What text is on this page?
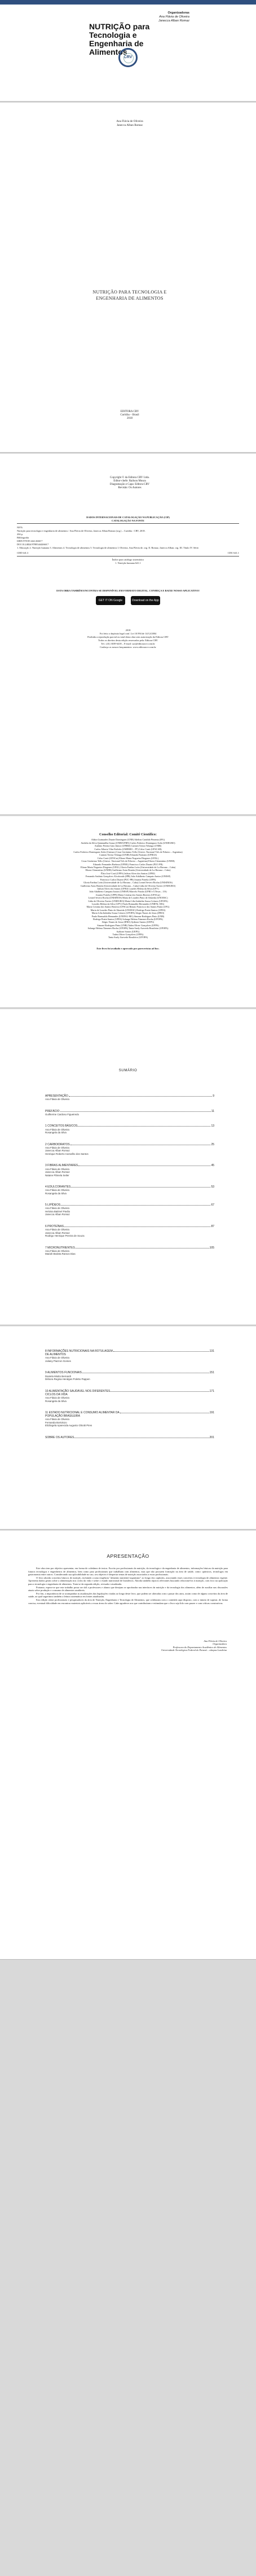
Organizadoras
Ana Flávia de Oliveira
Janecca Alban Romaz
NUTRIÇÃO para Tecnologia e Engenharia de Alimentos
CRV
Ana Flávia de Oliveira
Janecca Alban Romaz
NUTRIÇÃO PARA TECNOLOGIA E
ENGENHARIA DE ALIMENTOS
EDITORA CRV
Curitiba – Brasil
2018
Copyright © da Editora CRV Ltda.
Editor-chefe: Railson Moura
Diagramação e Capa: Editora CRV
Revisão: Os Autores
DADOS INTERNACIONAIS DE CATALOGAÇÃO NA PUBLICAÇÃO (CIP)
CATALOGAÇÃO NA FONTE
N976
Nutrição para tecnologia e engenharia de alimentos / Ana Flávia de Oliveira, Janecca Alban Romaz (org.) – Curitiba : CRV, 2018.
204 p.
Bibliografia
ISBN 978-85-444-2660-7
DOI 10.24824/978854442660.7
1. Educação 2. Nutrição humana 3. Alimentos 4. Tecnologia de alimentos 5. Tecnologia de alimentos I. Oliveira, Ana Flávia de. org. II. Romaz, Janecca Alban. org. III. Título IV. Série.
CDD 641.3	CDU 641.1
Índice para catálogo sistemático
1. Nutrição humana 641.1
ESTA OBRA TAMBÉM ENCONTRA-SE DISPONÍVEL EM FORMATO DIGITAL. CONHEÇA E BAIXE NOSSO APLICATIVO!
GET IT ON Google Play
Download on the App Store
2018
Foi feito o depósito legal conf. Lei 10.994 de 14/12/2004
Proibida a reprodução parcial ou total desta obra sem autorização da Editora CRV
Todos os direitos desta edição reservados pela: Editora CRV
Tel.: (41) 3039-6418 – E-mail: sac@editoracrv.com.br
Conheça os nossos lançamentos: www.editoracrv.com.br
Conselho Editorial: Comitê Científico:
Aldira Guimarães Duarte Domínguez (UNB) Adelino Candido Pimenta (IFG)
Andréia da Silva Quintanilha Sousa (UNIR/UFRN) Carlos Federico Dominguez Avila (UNIEURO)
Antônio Pereira Gaio Júnior (UFRRJ) Carmen Tereza Velanga (UNIR)
Carlos Alberto Vilar Estêvão (UMINHO – PT) Celso Conti (UFSCAR)
Carlos Federico Dominguez Avila (Unieuro) Cesar Gerónimo Tello (Univer .Nacional Três de Febrero – Argentina)
Carmen Tereza Velanga (UNIR) Eduardo Pazinato (UFRGS)
Celso Conti (UFSCar) Elione Maria Nogueira Diogenes (UFAL)
Cesar Gerónimo Tello (Univer .Nacional Três de Febrero – Argentina) Elizeu Clementino (UNEB)
Eduardo Fernandes Barbosa (UFMG) Francisco Carlos Duarte (PUC-PR)
Elione Maria Nogueira Diogenes (UFAL) Gloria Fariñas León (Universidade de La Havana – Cuba)
Elizeu Clementino (UNEB) Guillermo Arias Beatón (Universidade de La Havana – Cuba)
Élsio José Corá (UFFS) Jailson Alves dos Santos (UFRJ)
Fernando Antônio Gonçalves Alcoforado (IPB) João Adalberto Campato Junior (UNESP)
Francisco Carlos Duarte (PUC-PR) Josania Portela (UFPI)
Gloria Fariñas León (Universidade de La Havana – Cuba) Leonel Severo Rocha (UNISINOS)
Guillermo Arias Beatón (Universidade de La Havana – Cuba) Lídia de Oliveira Xavier (UNIEURO)
Jailson Alves dos Santos (UFRJ) Lourdes Helena da Silva (UFV)
João Adalberto Campato Junior (UNESP) Marcelo Paixão (UFRJ e UTexas – US)
Josania Portela (UFPI) Maria Cristina dos Santos Bezerra (UFSCar)
Leonel Severo Rocha (UNISINOS) Maria de Lourdes Pinto de Almeida (UNOESC)
Lídia de Oliveira Xavier (UNIEURO) Maria Lília Imbiriba Sousa Colares (UFOPA)
Lourdes Helena da Silva (UFV) Paulo Romualdo Hernandes (UNIFAL-MG)
Maria Cristina dos Santos Bezerra (UFSCar) Renato Francisco dos Santos Paula (UFG)
Maria de Lourdes Pinto de Almeida (UNOESC) Rodrigo Pratte-Santos (UFES)
Maria Lília Imbiriba Sousa Colares (UFOPA) Sérgio Nunes de Jesus (IFRO)
Paulo Romualdo Hernandes (UNIFAL-MG) Simone Rodrigues Pinto (UNB)
Rodrigo Pratte-Santos (UFES) Solange Helena Ximenes-Rocha (UFOPA)
Sérgio Nunes de Jesus (IFRO) Sydione Santos (UEPG)
Simone Rodrigues Pinto (UNB) Tadeu Oliver Gonçalves (UFPA)
Solange Helena Ximenes-Rocha (UFOPA) Tania Suely Azevedo Brasileiro (UFOPA)
Sydione Santos (UEPG)
Tadeu Oliver Gonçalves (UFPA)
Tania Suely Azevedo Brasileiro (UFOPA)
Este livro foi avaliado e aprovado por pareceristas ad hoc.
SUMÁRIO
APRESENTAÇÃO	9
Ana Flávia de Oliveira
PREFÁCIO	11
Guilherme Cardoso Figueiredo
1 CONCEITOS BÁSICOS	13
Ana Flávia de Oliveira
Rosangela da Silva
2 CARBOIDRATOS	25
Ana Flávia de Oliveira
Janecca Alban Romaz
Henrique Roberto Carvalho dos Santos
3 FIBRAS ALIMENTARES	45
Ana Flávia de Oliveira
Janecca Alban Romaz
Natane Pâmela Seiler
4 EDULCORANTES	53
Ana Flávia de Oliveira
Rosangela da Silva
5 LIPÍDEOS	67
Ana Flávia de Oliveira
Heloisa Batimel Pavão
Janecca Alban Romaz
6 PROTEÍNAS	87
Ana Flávia de Oliveira
Janecca Alban Romaz
Rodrigo Henrique Pereira de Souza
7 MICRONUTRIENTES	105
Ana Flávia de Oliveira
Mariah Bedeta Ramos Dias
8 INFORMAÇÕES NUTRICIONAIS NA ROTULAGEM
DE ALIMENTOS
131
Ana Flávia de Oliveira
Juliany Piazzon Gomes
9 ALIMENTOS FUNCIONAIS	151
Daniela Miotto Bernardi
Débora Regina Hendges Poletto Pappen
10 ALIMENTAÇÃO SAUDÁVEL NOS DIFERENTES
CICLOS DA VIDA
171
Ana Flávia de Oliveira
Rosangela da Silva
11 ESTADO NUTRICIONAL E CONSUMO ALIMENTAR DA
POPULAÇÃO BRASILEIRA
191
Ana Flávia de Oliveira
Fernanda Bortolozo
Elizângela Aparecida Augusto Ghiotti Pires
SOBRE OS AUTORES	201
APRESENTAÇÃO

Este obra tem por objetivo apresentar, em forma de coletânea de textos. Escrito por profissionais da nutrição, da tecnologia e da engenharia de alimentos, informações básicas da nutrição para futuros tecnologos e engenheiros de alimentos, bem como para profissionais que trabalham com alimentos, mas que não possuem formação na área de saúde, como: químicos, tecnologos em gastronomia entre outros. Considerando sua aplicabilidade no uso, seu objetivo é despertar temas de nutrição associados a essas profissionais.

O livro aborda conceitos básicos de nutrição, incluindo a uma exigência "alimento nutriente-organismo" ao longo dos capítulos, associando esses conceitos à tecnologia de alimentos vigente. Apresenta dados gerais sobre a alimentação nos ciclos da vida e sobre o estado nutricional de brasileiros. Aborda também tópicos relevantes buscando relacioná-los à nutrição, com foco na aplicação para a tecnologia e engenharia de alimentos. Trata-se da segunda edição, revisada e atualizada.

Portanto, espera-se que este trabalho possa ser útil a professores e alunos que desejam se aprofundar nas interfaces da nutrição e da tecnologia dos alimentos, além de auxiliar nas discussões atuais sobre produção e consumo de alimentos saudáveis.

Por fim, a importância de se acompanhar as atualizações das legislações citadas ao longo deste livro, que podem ser alteradas com o passar dos anos, assim como de alguns conceitos da área de saúde, ao qual sugerimos também a leitura sistemática em fontes atualizadas.

Esta edição reúne profissionais e pesquisadores da área de Nutrição, Engenharia e Tecnologia de Alimentos, que colaboram com o conteúdo aqui disposto, com o intuito de superar, de forma concisa, eventual dificuldade em encontrar materiais aplicáveis a essas áreas do saber. Cabe agradecer aos que contribuíram e estimulam que o livro seja lido com prazer e com críticas construtivas.

Ana Flávia de Oliveira
Organizadora
Professora do Departamento Acadêmico de Alimentos
Universidade Tecnológica Federal do Paraná – câmpus Londrina
